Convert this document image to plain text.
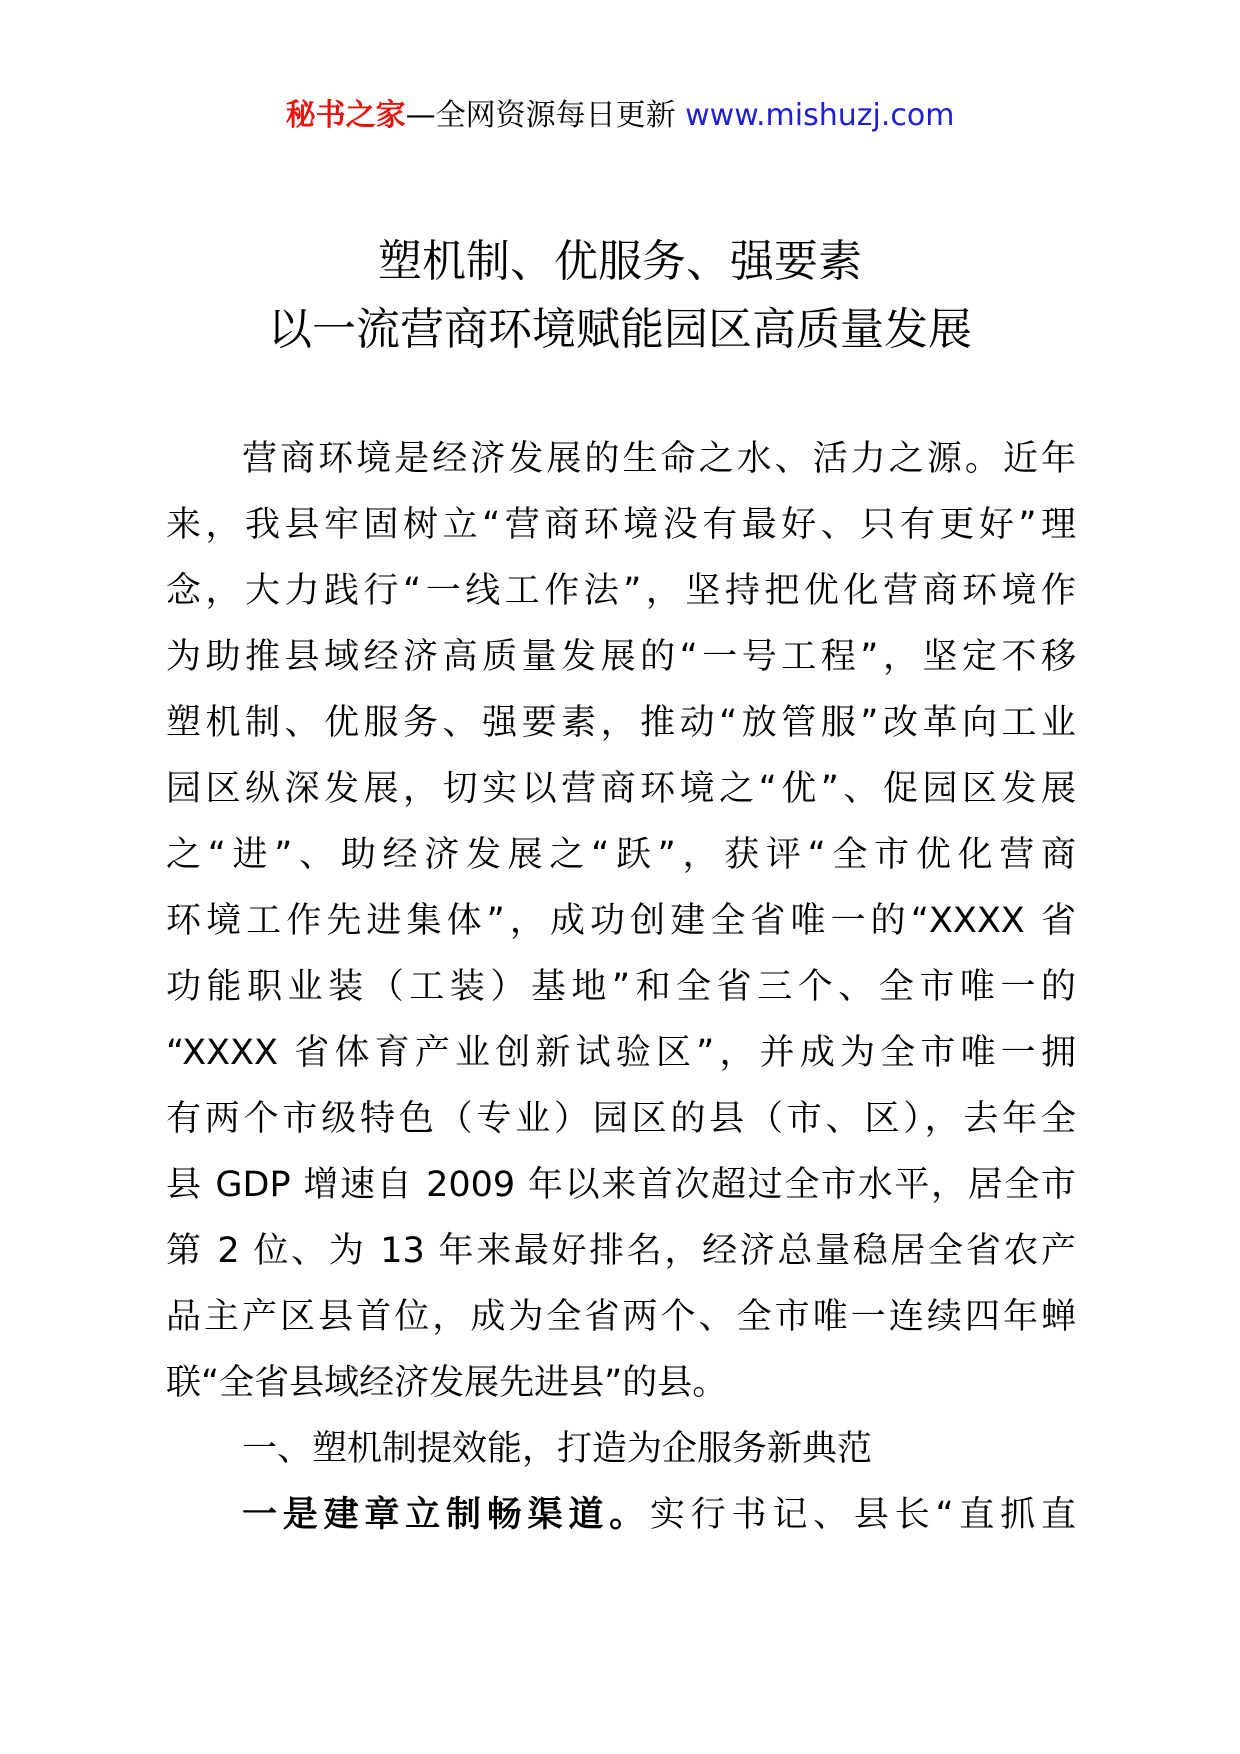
秘书之家—全网资源每日更新 www.mishuzj.com
塑机制、优服务、强要素
以一流营商环境赋能园区高质量发展
营商环境是经济发展的生命之水、活力之源。近年
来，我县牢固树立“营商环境没有最好、只有更好”理
念，大力践行“一线工作法”，坚持把优化营商环境作
为助推县域经济高质量发展的“一号工程”，坚定不移
塑机制、优服务、强要素，推动“放管服”改革向工业
园区纵深发展，切实以营商环境之“优”、促园区发展
之“进”、助经济发展之“跃”，获评“全市优化营商
环境工作先进集体”，成功创建全省唯一的“XXXX 省
功能职业装（工装）基地”和全省三个、全市唯一的
“XXXX 省体育产业创新试验区”，并成为全市唯一拥
有两个市级特色（专业）园区的县（市、区），去年全
县 GDP 增速自 2009 年以来首次超过全市水平，居全市
第 2 位、为 13 年来最好排名，经济总量稳居全省农产
品主产区县首位，成为全省两个、全市唯一连续四年蝉
联“全省县域经济发展先进县”的县。
一、塑机制提效能，打造为企服务新典范
一是建章立制畅渠道。实行书记、县长“直抓直
